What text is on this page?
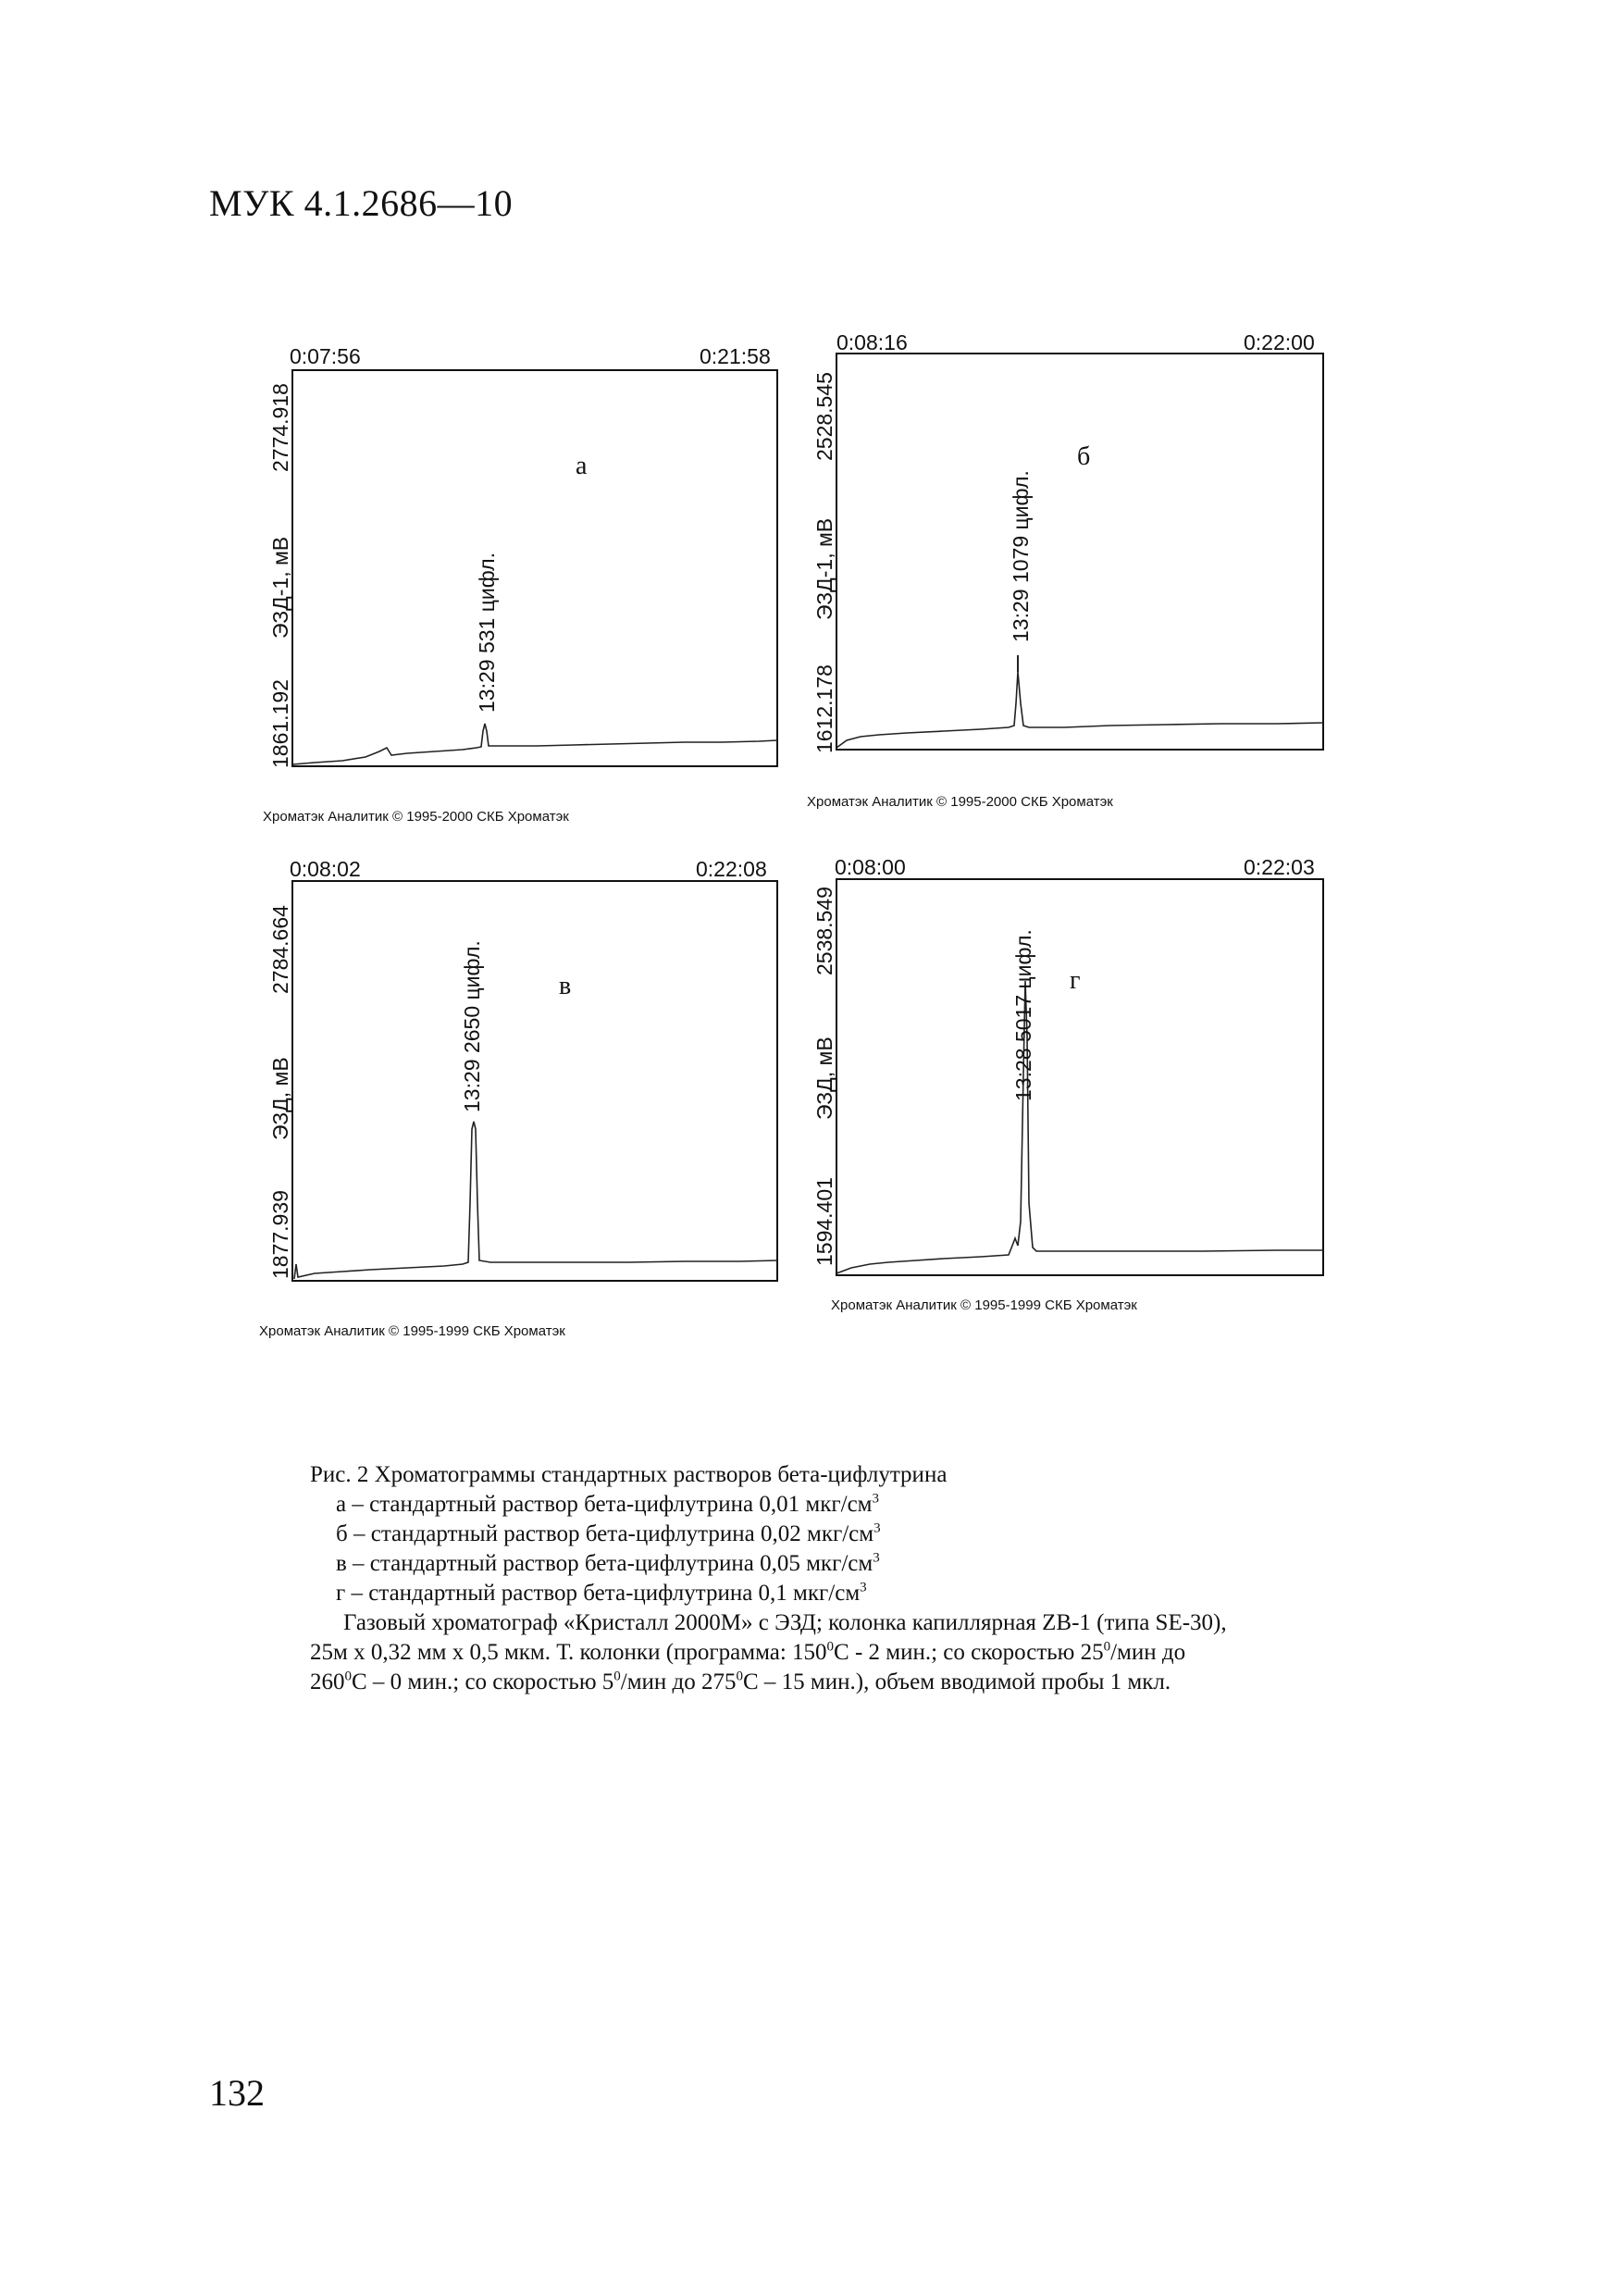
МУК 4.1.2686—10
0:07:56	0:21:58
2774.918
ЭЗД-1, мВ
1861.192
13:29 531 цифл.
а
Хроматэк Аналитик © 1995-2000 СКБ Хроматэк
0:08:16	0:22:00
2528.545
ЭЗД-1, мВ
1612.178
13:29 1079 цифл.
б
Хроматэк Аналитик © 1995-2000 СКБ Хроматэк
0:08:02	0:22:08
2784.664
ЭЗД, мВ
1877.939
13:29 2650 цифл.	в
Хроматэк Аналитик © 1995-1999 СКБ Хроматэк
0:08:00	0:22:03
2538.549
ЭЗД, мВ
1594.401
13:28 5017 цифл. г
Хроматэк Аналитик © 1995-1999 СКБ Хроматэк
Рис. 2 Хроматограммы стандартных растворов бета-цифлутрина
а – стандартный раствор бета-цифлутрина 0,01 мкг/$см^3$
б – стандартный раствор бета-цифлутрина 0,02 мкг/$см^3$
в – стандартный раствор бета-цифлутрина 0,05 мкг/$см^3$
г – стандартный раствор бета-цифлутрина 0,1 мкг/$см^3$
Газовый хроматограф «Кристалл 2000М» с ЭЗД; колонка капиллярная ZB-1 (типа SE-30),
25м х 0,32 мм х 0,5 мкм. Т. колонки (программа: $150^0С - 2$ мин.; со скоростью $25^0$/мин до
$260^0С - 0$ мин.; со скоростью $5^0$/мин до $275^0С - 15$ мин.), объем вводимой пробы 1 мкл.
132
